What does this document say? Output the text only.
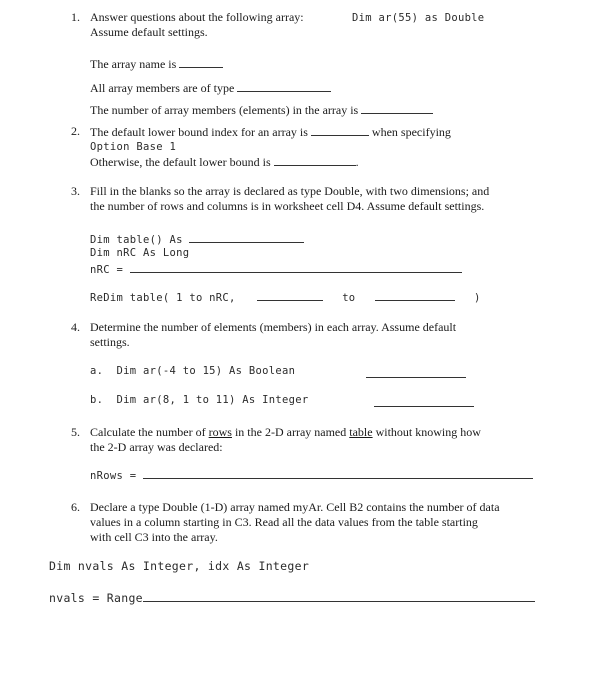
1. Answer questions about the following array:	Dim ar(55) as Double
Assume default settings.
The array name is
All array members are of type
The number of array members (elements) in the array is
2. The default lower bound index for an array is	when specifying
Option Base 1
Otherwise, the default lower bound is	.
3. Fill in the blanks so the array is declared as type Double, with two dimensions; and
the number of rows and columns is in worksheet cell D4. Assume default settings.
Dim table() As
Dim nRC As Long
nRC =
ReDim table( 1 to nRC,	to	)
4. Determine the number of elements (members) in each array. Assume default
settings.
a.  Dim ar(-4 to 15) As Boolean
b.  Dim ar(8, 1 to 11) As Integer
5. Calculate the number of rows in the 2-D array named table without knowing how
the 2-D array was declared:
nRows =
6. Declare a type Double (1-D) array named myAr. Cell B2 contains the number of data
values in a column starting in C3. Read all the data values from the table starting
with cell C3 into the array.
Dim nvals As Integer, idx As Integer
nvals = Range
